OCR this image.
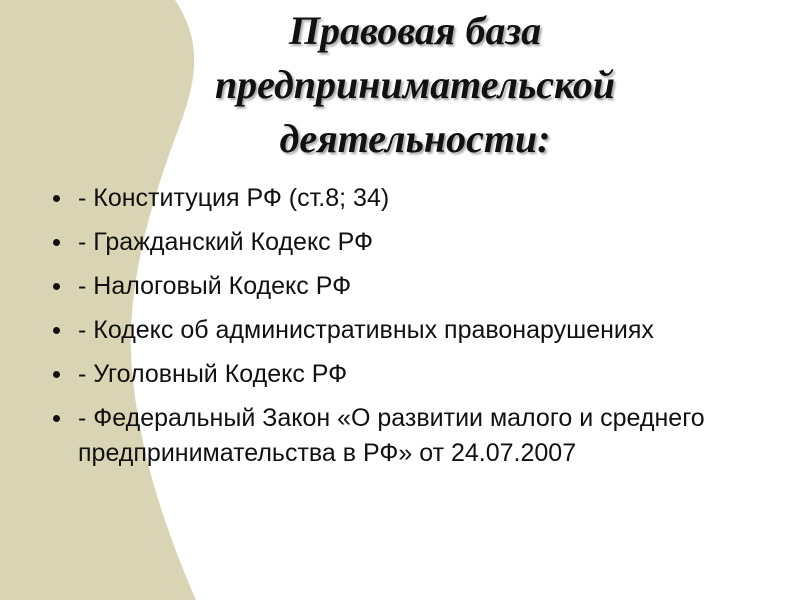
Правовая база
предпринимательской
деятельности:
- Конституция РФ (ст.8; 34)
- Гражданский Кодекс РФ
- Налоговый Кодекс РФ
- Кодекс об административных правонарушениях
- Уголовный Кодекс РФ
- Федеральный Закон «О развитии малого и среднего предпринимательства в РФ» от 24.07.2007
